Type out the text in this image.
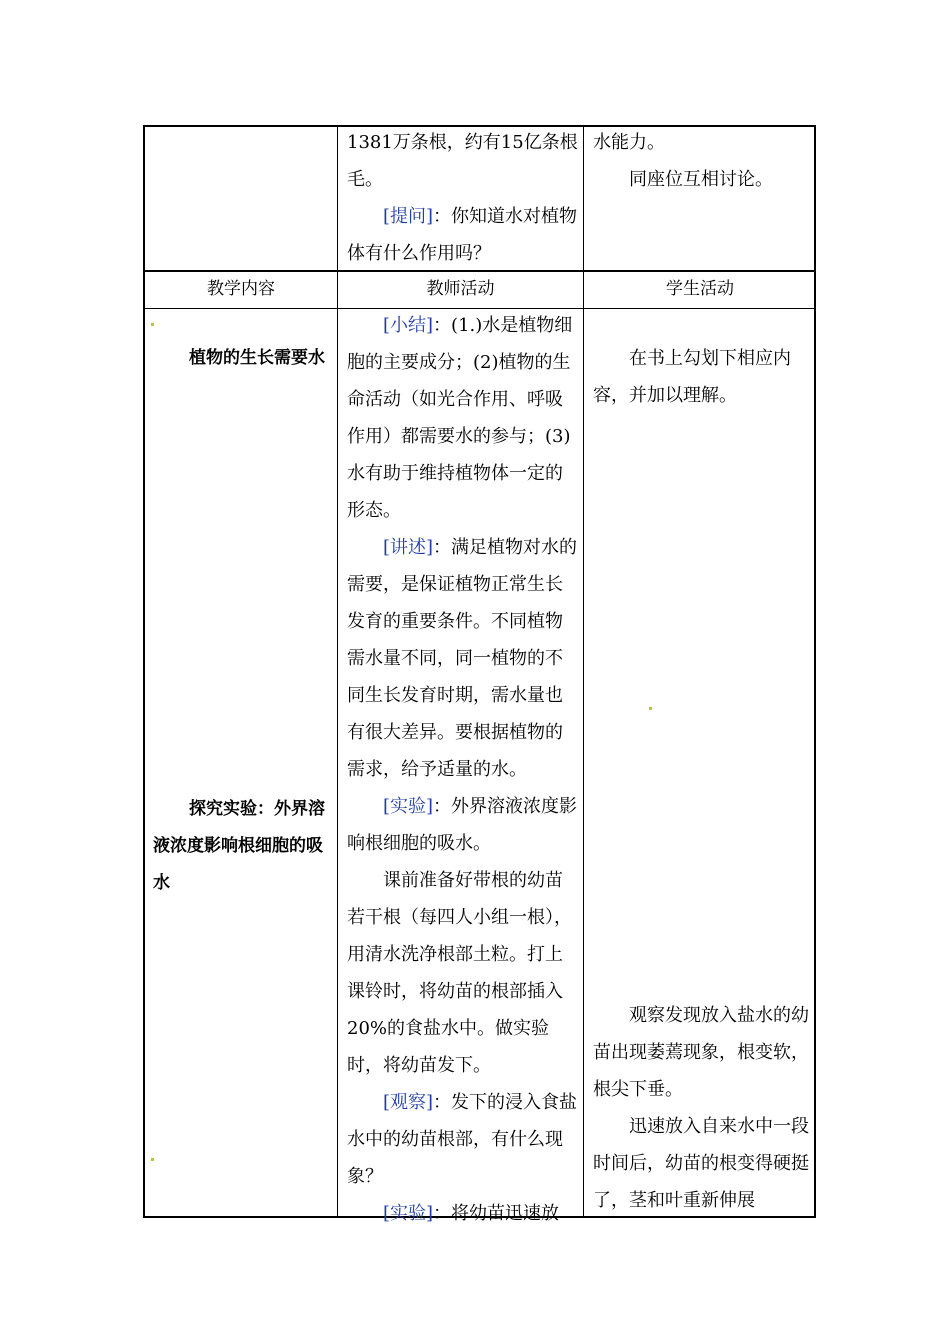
1381万条根，约有15亿条根毛。

[提问]：你知道水对植物体有什么作用吗？

水能力。

同座位互相讨论。

教学内容	教师活动	学生活动

植物的生长需要水

探究实验：外界溶液浓度影响根细胞的吸水

[小结]：(1.)水是植物细胞的主要成分；(2)植物的生命活动（如光合作用、呼吸作用）都需要水的参与；(3)水有助于维持植物体一定的形态。

[讲述]：满足植物对水的需要，是保证植物正常生长发育的重要条件。不同植物需水量不同，同一植物的不同生长发育时期，需水量也有很大差异。要根据植物的需求，给予适量的水。

[实验]：外界溶液浓度影响根细胞的吸水。

课前准备好带根的幼苗若干根（每四人小组一根），用清水洗净根部土粒。打上课铃时，将幼苗的根部插入20%的食盐水中。做实验时，将幼苗发下。

[观察]：发下的浸入食盐水中的幼苗根部，有什么现象？

[实验]：将幼苗迅速放

在书上勾划下相应内容，并加以理解。

观察发现放入盐水的幼苗出现萎蔫现象，根变软，根尖下垂。

迅速放入自来水中一段时间后，幼苗的根变得硬挺了，茎和叶重新伸展
